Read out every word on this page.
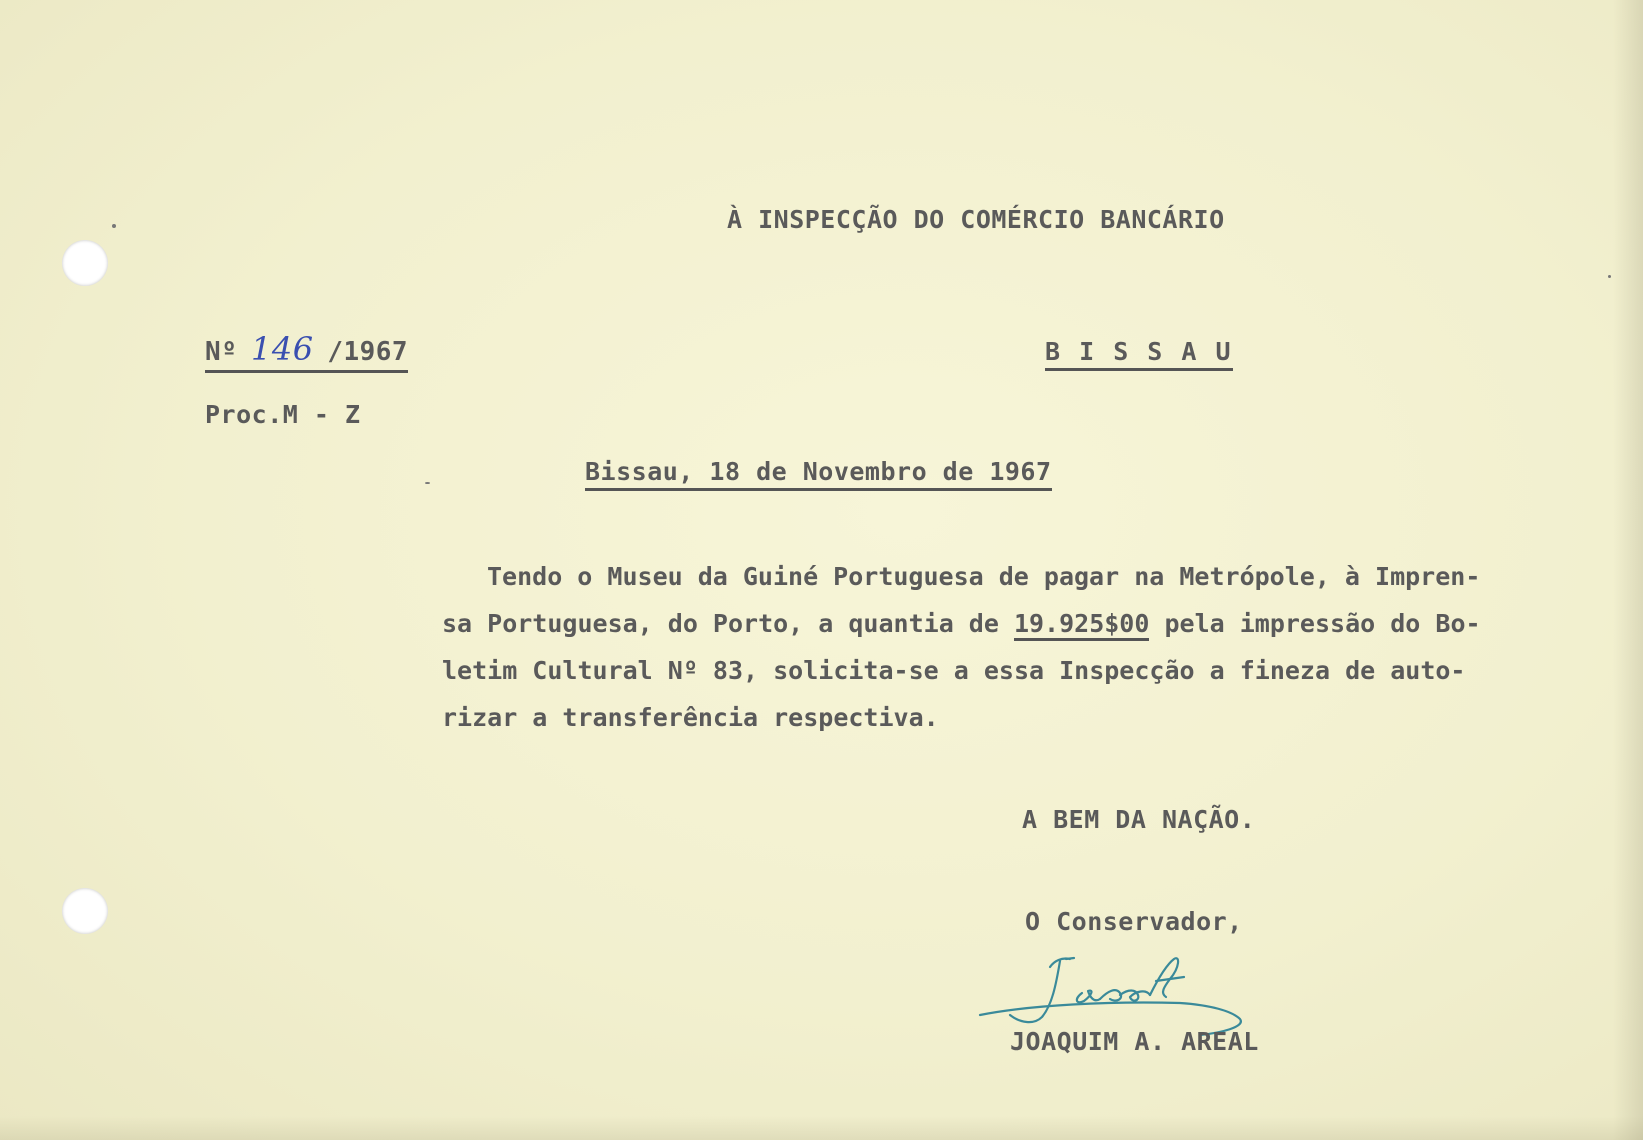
À INSPECÇÃO DO COMÉRCIO BANCÁRIO
Nº 146 /1967	B I S S A U
Proc.M - Z
Bissau, 18 de Novembro de 1967
Tendo o Museu da Guiné Portuguesa de pagar na Metrópole, à Impren-
sa Portuguesa, do Porto, a quantia de 19.925$00 pela impressão do Bo-
letim Cultural Nº 83, solicita-se a essa Inspecção a fineza de auto-
rizar a transferência respectiva.
A BEM DA NAÇÃO.
O Conservador,
JOAQUIM A. AREAL
